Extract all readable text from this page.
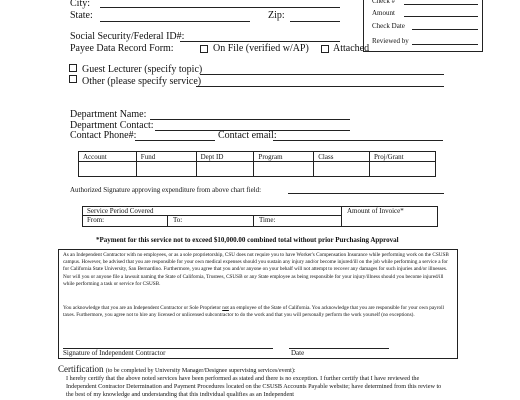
City:
State:	Zip:
Check #
Amount
Check Date
Reviewed by
Social Security/Federal ID#:
Payee Data Record Form:	On File (verified w/AP) Attached
Guest Lecturer (specify topic)
Other (please specify service)
Department Name:
Department Contact:
Contact Phone#:	Contact email:
Account	Fund	Dept ID	Program	Class	Proj/Grant

Authorized Signature approving expenditure from above chart field:
Service Period Covered
From:	To:	Time:
Amount of Invoice*
*Payment for this service not to exceed $10,000.00 combined total without prior Purchasing Approval
As an Independent Contractor with no employees, or as a sole proprietorship, CSU does not require you to have Worker's Compensation Insurance while performing work on the CSUSB campus. However, be advised that you are responsible for your own medical expenses should you sustain any injury and/or become injured/ill on the job while performing a service a for for California State University, San Bernardino. Furthermore, you agree that you and/or anyone on your behalf will not attempt to recover any damages for such injuries and/or illnesses. Nor will you or anyone file a lawsuit naming the State of California, Trustees, CSUSB or any State employee as being responsible for your injury/illness should you become injured/ill while performing a task or service for CSUSB.
You acknowledge that you are an Independent Contractor or Sole Proprietor not an employee of the State of California. You acknowledge that you are responsible for your own payroll taxes. Furthermore, you agree not to hire any licensed or unlicensed subcontractor to do the work and that you will personally perform the work yourself (no exceptions).
Signature of Independent Contractor	Date
Certification (to be completed by University Manager/Designee supervising services/event):
I hereby certify that the above noted services have been performed as stated and there is no exception. I further certify that I have reviewed the Independent Contractor Determination and Payment Procedures located on the CSUSB Accounts Payable website; have determined from this review to the best of my knowledge and understanding that this individual qualifies as an Independent
